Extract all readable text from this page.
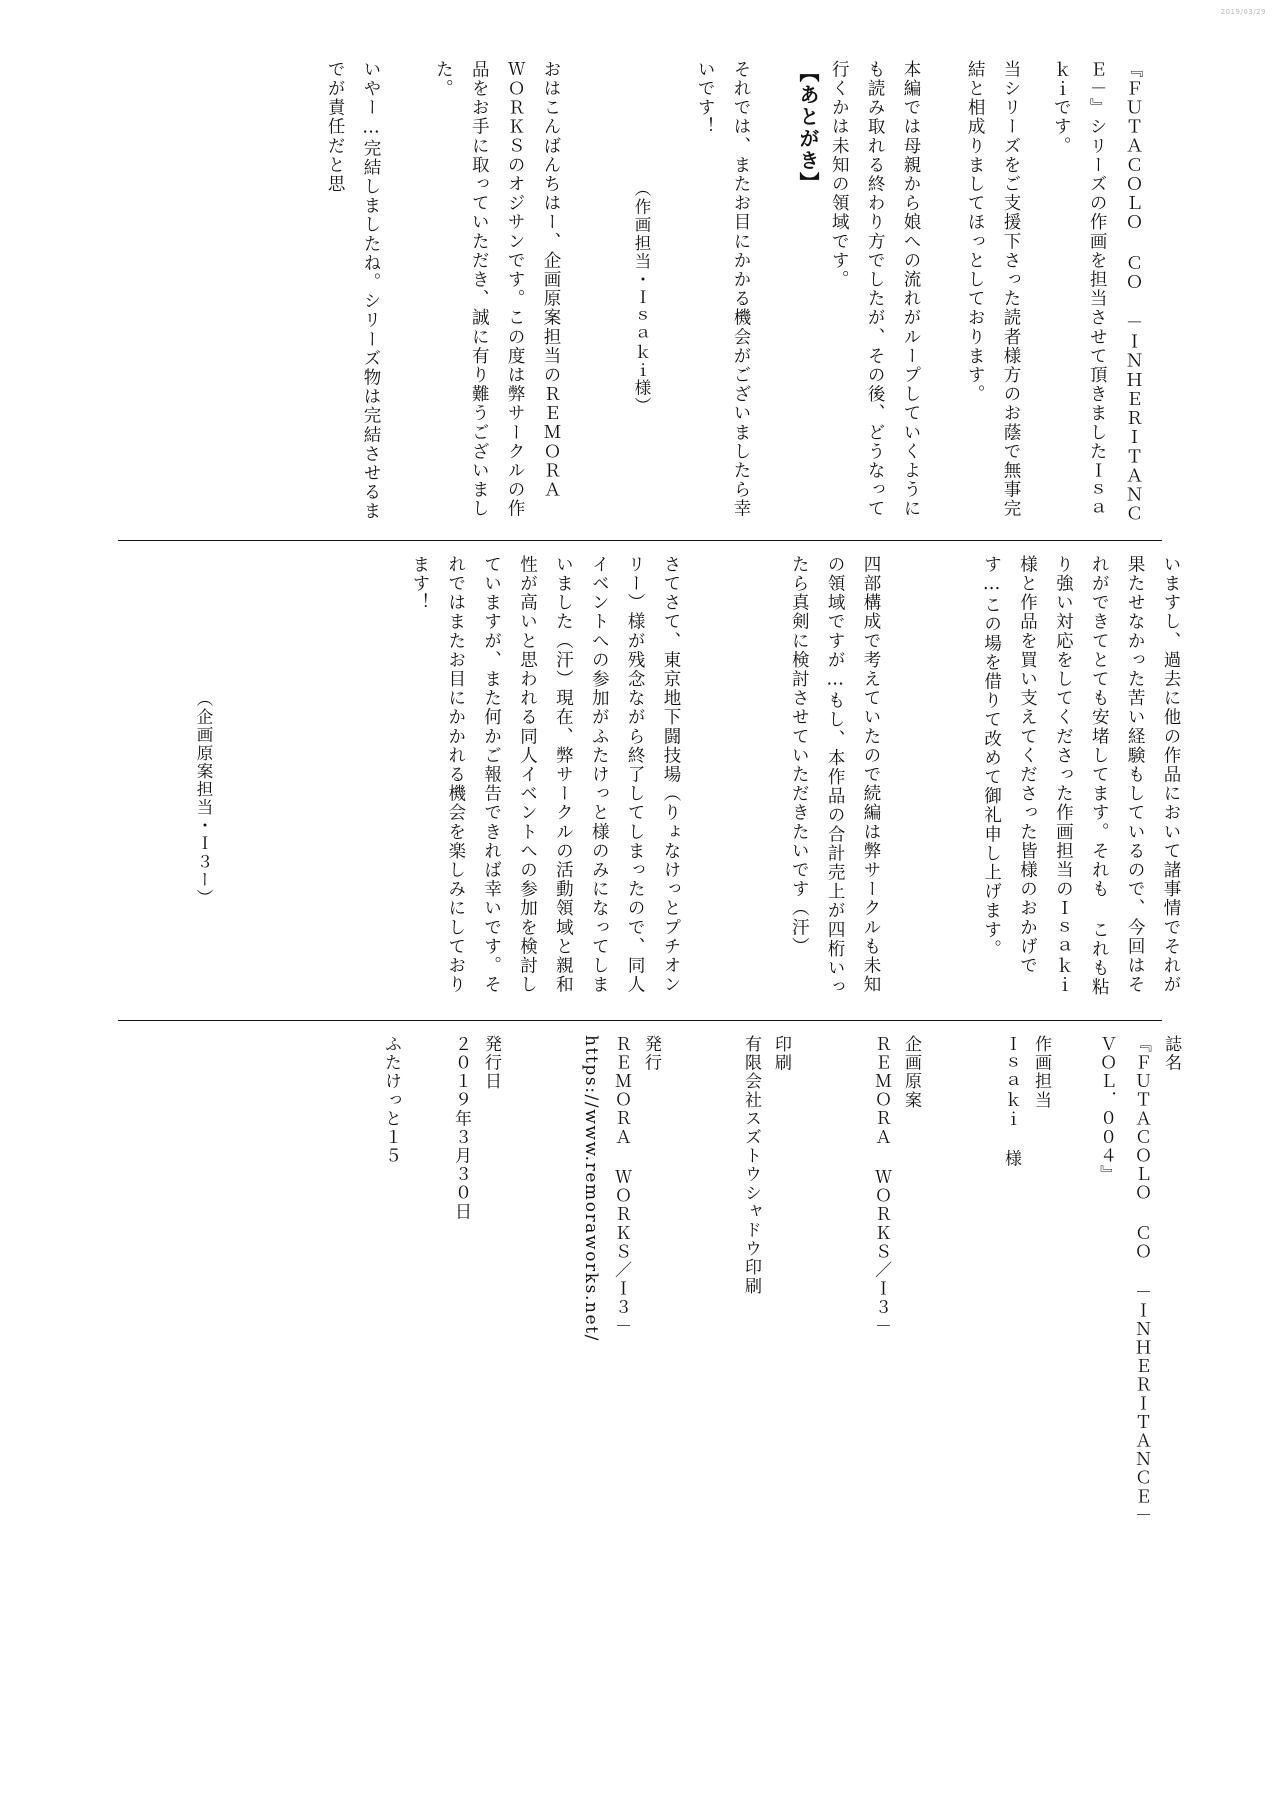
2019/03/29
【あとがき】	『ＦＵＴＡＣＯＬＯ ＣＯ －ＩＮＨＥＲＩＴＡＮＣＥ－』シリーズの作画を担当させて頂きましたＩｓａｋｉです。
当シリーズをご支援下さった読者様方のお蔭で無事完結と相成りましてほっとしております。
本編では母親から娘への流れがループしていくようにも読み取れる終わり方でしたが、その後、どうなって行くかは未知の領域です。
それでは、またお目にかかる機会がございましたら幸いです！
（作画担当・Ｉｓａｋｉ様）
おはこんばんちはー、企画原案担当のＲＥＭＯＲＡ ＷＯＲＫＳのオジサンです。この度は弊サークルの作品をお手に取っていただき、誠に有り難うございました。
いやー…完結しましたね。シリーズ物は完結させるまでが責任だと思
いますし、過去に他の作品において諸事情でそれが果たせなかった苦い経験もしているので、今回はそれができてとても安堵してます。それも これも粘り強い対応をしてくださった作画担当のＩｓａｋｉ様と作品を買い支えてくださった皆様のおかげです…この場を借りて改めて御礼申し上げます。
四部構成で考えていたので続編は弊サークルも未知の領域ですが…もし、本作品の合計売上が四桁いったら真剣に検討させていただきたいです（汗）
さてさて、東京地下闘技場（りょなけっとプチオンリー）様が残念ながら終了してしまったので、同人イベントへの参加がふたけっと様のみになってしまいました（汗）現在、弊サークルの活動領域と親和性が高いと思われる同人イベントへの参加を検討していますが、また何かご報告できれば幸いです。それではまたお目にかかれる機会を楽しみにしております！
（企画原案担当・Ｉ３ー）
誌名
『ＦＵＴＡＣＯＬＯ ＣＯ －ＩＮＨＥＲＩＴＡＮＣＥ－ ＶＯＬ．００４』
作画担当
Ｉｓａｋｉ 様
企画原案
ＲＥＭＯＲＡ ＷＯＲＫＳ／Ｉ３－
印刷
有限会社スズトウシャドウ印刷
発行
ＲＥＭＯＲＡ ＷＯＲＫＳ／Ｉ３－
https://www.remoraworks.net/
発行日
２０１９年３月３０日
ふたけっと１５
